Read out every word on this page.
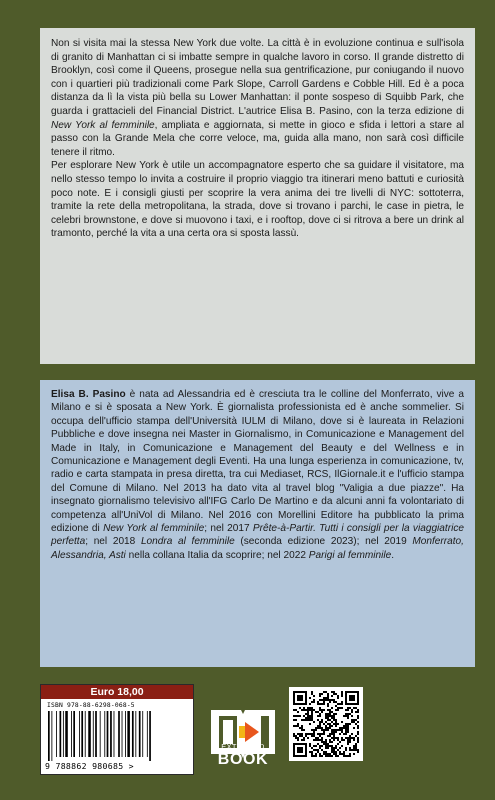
Non si visita mai la stessa New York due volte. La città è in evoluzione continua e sull'isola di granito di Manhattan ci si imbatte sempre in qualche lavoro in corso. Il grande distretto di Brooklyn, così come il Queens, prosegue nella sua gentrificazione, pur coniugando il nuovo con i quartieri più tradizionali come Park Slope, Carroll Gardens e Cobble Hill. Ed è a poca distanza da lì la vista più bella su Lower Manhattan: il ponte sospeso di Squibb Park, che guarda i grattacieli del Financial District. L'autrice Elisa B. Pasino, con la terza edizione di New York al femminile, ampliata e aggiornata, si mette in gioco e sfida i lettori a stare al passo con la Grande Mela che corre veloce, ma, guida alla mano, non sarà così difficile tenere il ritmo.

Per esplorare New York è utile un accompagnatore esperto che sa guidare il visitatore, ma nello stesso tempo lo invita a costruire il proprio viaggio tra itinerari meno battuti e curiosità poco note. E i consigli giusti per scoprire la vera anima dei tre livelli di NYC: sottoterra, tramite la rete della metropolitana, la strada, dove si trovano i parchi, le case in pietra, le celebri brownstone, e dove si muovono i taxi, e i rooftop, dove ci si ritrova a bere un drink al tramonto, perché la vita a una certa ora si sposta lassù.

Elisa B. Pasino è nata ad Alessandria ed è cresciuta tra le colline del Monferrato, vive a Milano e si è sposata a New York. È giornalista professionista ed è anche sommelier. Si occupa dell'ufficio stampa dell'Università IULM di Milano, dove si è laureata in Relazioni Pubbliche e dove insegna nei Master in Giornalismo, in Comunicazione e Management del Made in Italy, in Comunicazione e Management del Beauty e del Wellness e in Comunicazione e Management degli Eventi. Ha una lunga esperienza in comunicazione, tv, radio e carta stampata in presa diretta, tra cui Mediaset, RCS, IlGiornale.it e l'ufficio stampa del Comune di Milano. Nel 2013 ha dato vita al travel blog "Valigia a due piazze". Ha insegnato giornalismo televisivo all'IFG Carlo De Martino e da alcuni anni fa volontariato di competenza all'UniVol di Milano. Nel 2016 con Morellini Editore ha pubblicato la prima edizione di New York al femminile; nel 2017 Prête-à-Partir. Tutti i consigli per la viaggiatrice perfetta; nel 2018 Londra al femminile (seconda edizione 2023); nel 2019 Monferrato, Alessandria, Asti nella collana Italia da scoprire; nel 2022 Parigi al femminile.

Euro 18,00
ISBN 978-88-6298-068-5
9 788862 980685 >
EXTENDED
BOOK
